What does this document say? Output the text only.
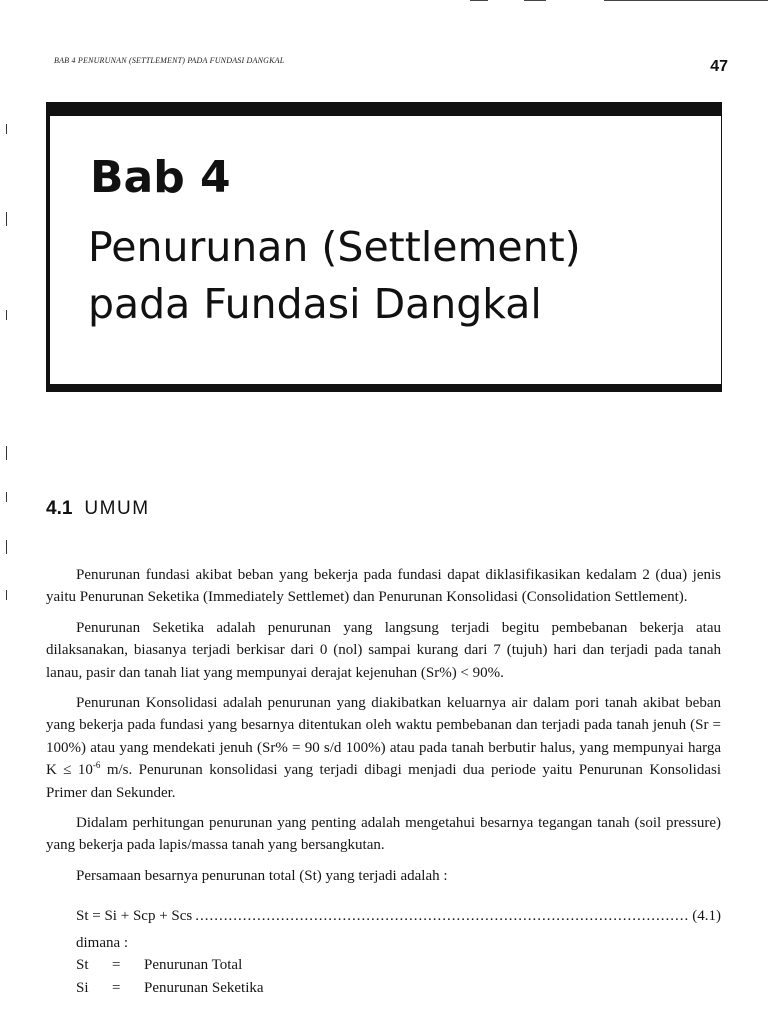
BAB 4 PENURUNAN (SETTLEMENT) PADA FUNDASI DANGKAL	47
Bab 4
Penurunan (Settlement)
pada Fundasi Dangkal
4.1 UMUM

Penurunan fundasi akibat beban yang bekerja pada fundasi dapat diklasifikasikan kedalam 2 (dua) jenis yaitu Penurunan Seketika (Immediately Settlemet) dan Penurunan Konsolidasi (Consolidation Settlement).

Penurunan Seketika adalah penurunan yang langsung terjadi begitu pembebanan bekerja atau dilaksanakan, biasanya terjadi berkisar dari 0 (nol) sampai kurang dari 7 (tujuh) hari dan terjadi pada tanah lanau, pasir dan tanah liat yang mempunyai derajat kejenuhan (Sr%) < 90%.

Penurunan Konsolidasi adalah penurunan yang diakibatkan keluarnya air dalam pori tanah akibat beban yang bekerja pada fundasi yang besarnya ditentukan oleh waktu pembebanan dan terjadi pada tanah jenuh (Sr = 100%) atau yang mendekati jenuh (Sr% = 90 s/d 100%) atau pada tanah berbutir halus, yang mempunyai harga $K \le 10^{-6}$ m/s. Penurunan konsolidasi yang terjadi dibagi menjadi dua periode yaitu Penurunan Konsolidasi Primer dan Sekunder.

Didalam perhitungan penurunan yang penting adalah mengetahui besarnya tegangan tanah (soil pressure) yang bekerja pada lapis/massa tanah yang bersangkutan.

Persamaan besarnya penurunan total (St) yang terjadi adalah :

St = Si + Scp + Scs
.....	(4.1)
dimana :
St	=	Penurunan Total
Si	=	Penurunan Seketika
